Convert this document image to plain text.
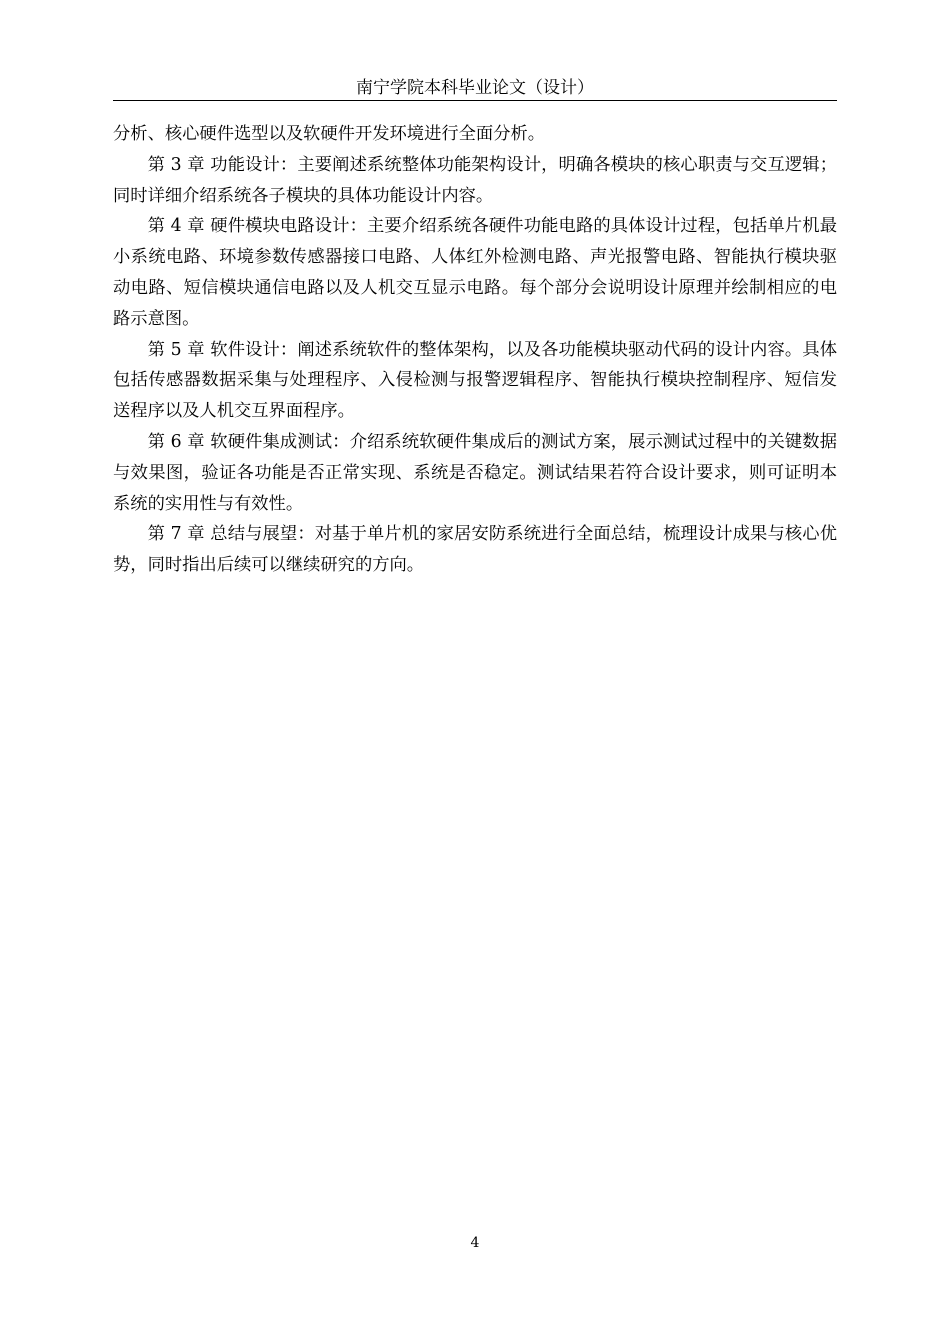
南宁学院本科毕业论文（设计）

分析、核心硬件选型以及软硬件开发环境进行全面分析。

第 3 章 功能设计：主要阐述系统整体功能架构设计，明确各模块的核心职责与交互逻辑；同时详细介绍系统各子模块的具体功能设计内容。

第 4 章 硬件模块电路设计：主要介绍系统各硬件功能电路的具体设计过程，包括单片机最小系统电路、环境参数传感器接口电路、人体红外检测电路、声光报警电路、智能执行模块驱动电路、短信模块通信电路以及人机交互显示电路。每个部分会说明设计原理并绘制相应的电路示意图。

第 5 章 软件设计：阐述系统软件的整体架构，以及各功能模块驱动代码的设计内容。具体包括传感器数据采集与处理程序、入侵检测与报警逻辑程序、智能执行模块控制程序、短信发送程序以及人机交互界面程序。

第 6 章 软硬件集成测试：介绍系统软硬件集成后的测试方案，展示测试过程中的关键数据与效果图，验证各功能是否正常实现、系统是否稳定。测试结果若符合设计要求，则可证明本系统的实用性与有效性。

第 7 章 总结与展望：对基于单片机的家居安防系统进行全面总结，梳理设计成果与核心优势，同时指出后续可以继续研究的方向。

4
